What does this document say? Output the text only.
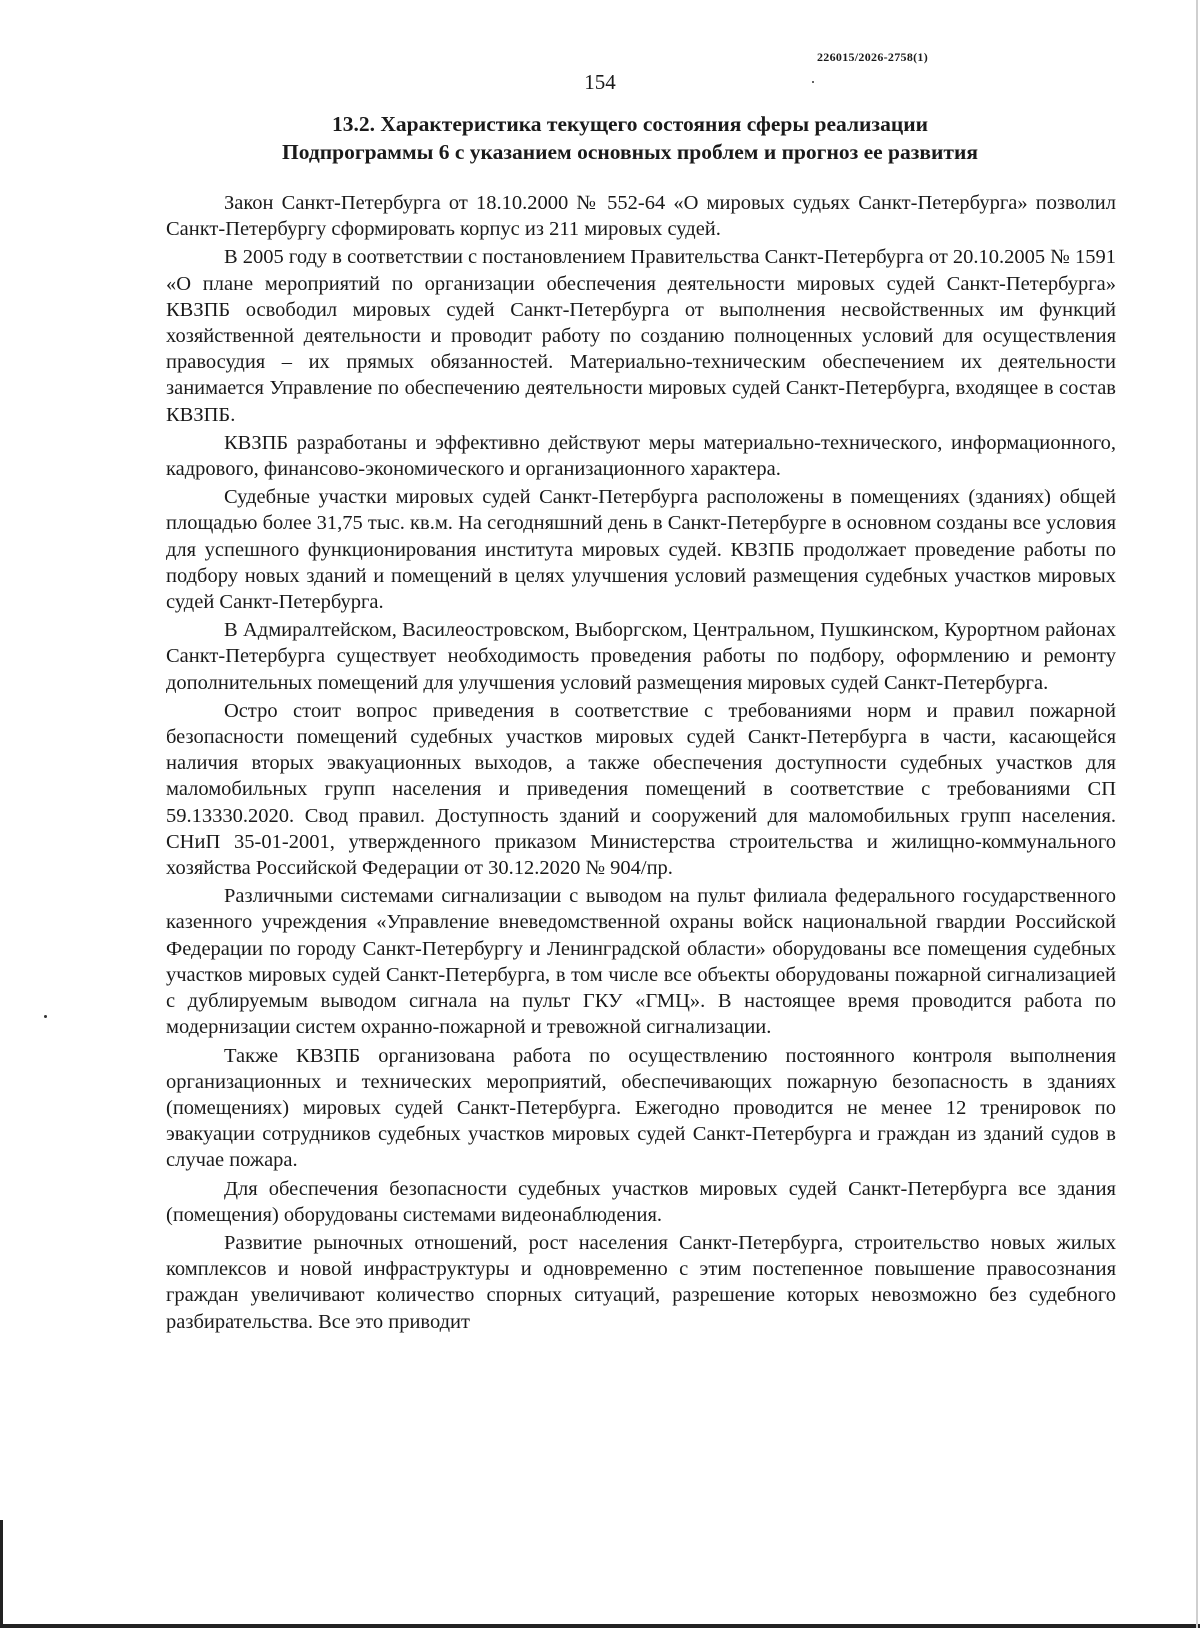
226015/2026-2758(1)
154
13.2. Характеристика текущего состояния сферы реализации
Подпрограммы 6 с указанием основных проблем и прогноз ее развития

Закон Санкт-Петербурга от 18.10.2000 № 552-64 «О мировых судьях Санкт-Петербурга» позволил Санкт-Петербургу сформировать корпус из 211 мировых судей.

В 2005 году в соответствии с постановлением Правительства Санкт-Петербурга от 20.10.2005 № 1591 «О плане мероприятий по организации обеспечения деятельности мировых судей Санкт-Петербурга» КВЗПБ освободил мировых судей Санкт-Петербурга от выполнения несвойственных им функций хозяйственной деятельности и проводит работу по созданию полноценных условий для осуществления правосудия – их прямых обязанностей. Материально-техническим обеспечением их деятельности занимается Управление по обеспечению деятельности мировых судей Санкт-Петербурга, входящее в состав КВЗПБ.

КВЗПБ разработаны и эффективно действуют меры материально-технического, информационного, кадрового, финансово-экономического и организационного характера.

Судебные участки мировых судей Санкт-Петербурга расположены в помещениях (зданиях) общей площадью более 31,75 тыс. кв.м. На сегодняшний день в Санкт-Петербурге в основном созданы все условия для успешного функционирования института мировых судей. КВЗПБ продолжает проведение работы по подбору новых зданий и помещений в целях улучшения условий размещения судебных участков мировых судей Санкт-Петербурга.

В Адмиралтейском, Василеостровском, Выборгском, Центральном, Пушкинском, Курортном районах Санкт-Петербурга существует необходимость проведения работы по подбору, оформлению и ремонту дополнительных помещений для улучшения условий размещения мировых судей Санкт-Петербурга.

Остро стоит вопрос приведения в соответствие с требованиями норм и правил пожарной безопасности помещений судебных участков мировых судей Санкт-Петербурга в части, касающейся наличия вторых эвакуационных выходов, а также обеспечения доступности судебных участков для маломобильных групп населения и приведения помещений в соответствие с требованиями СП 59.13330.2020. Свод правил. Доступность зданий и сооружений для маломобильных групп населения. СНиП 35-01-2001, утвержденного приказом Министерства строительства и жилищно-коммунального хозяйства Российской Федерации от 30.12.2020 № 904/пр.

Различными системами сигнализации с выводом на пульт филиала федерального государственного казенного учреждения «Управление вневедомственной охраны войск национальной гвардии Российской Федерации по городу Санкт-Петербургу и Ленинградской области» оборудованы все помещения судебных участков мировых судей Санкт-Петербурга, в том числе все объекты оборудованы пожарной сигнализацией с дублируемым выводом сигнала на пульт ГКУ «ГМЦ». В настоящее время проводится работа по модернизации систем охранно-пожарной и тревожной сигнализации.

Также КВЗПБ организована работа по осуществлению постоянного контроля выполнения организационных и технических мероприятий, обеспечивающих пожарную безопасность в зданиях (помещениях) мировых судей Санкт-Петербурга. Ежегодно проводится не менее 12 тренировок по эвакуации сотрудников судебных участков мировых судей Санкт-Петербурга и граждан из зданий судов в случае пожара.

Для обеспечения безопасности судебных участков мировых судей Санкт-Петербурга все здания (помещения) оборудованы системами видеонаблюдения.

Развитие рыночных отношений, рост населения Санкт-Петербурга, строительство новых жилых комплексов и новой инфраструктуры и одновременно с этим постепенное повышение правосознания граждан увеличивают количество спорных ситуаций, разрешение которых невозможно без судебного разбирательства. Все это приводит
